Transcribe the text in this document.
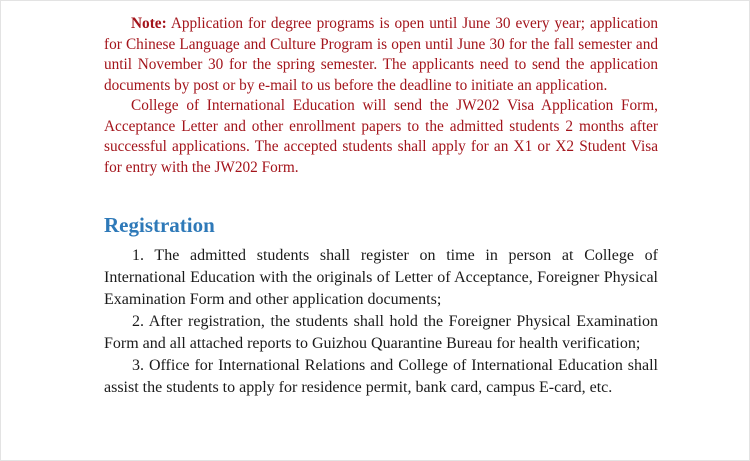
Note: Application for degree programs is open until June 30 every year; application for Chinese Language and Culture Program is open until June 30 for the fall semester and until November 30 for the spring semester. The applicants need to send the application documents by post or by e-mail to us before the deadline to initiate an application.

College of International Education will send the JW202 Visa Application Form, Acceptance Letter and other enrollment papers to the admitted students 2 months after successful applications. The accepted students shall apply for an X1 or X2 Student Visa for entry with the JW202 Form.

Registration

1. The admitted students shall register on time in person at College of International Education with the originals of Letter of Acceptance, Foreigner Physical Examination Form and other application documents;

2. After registration, the students shall hold the Foreigner Physical Examination Form and all attached reports to Guizhou Quarantine Bureau for health verification;

3. Office for International Relations and College of International Education shall assist the students to apply for residence permit, bank card, campus E-card, etc.
